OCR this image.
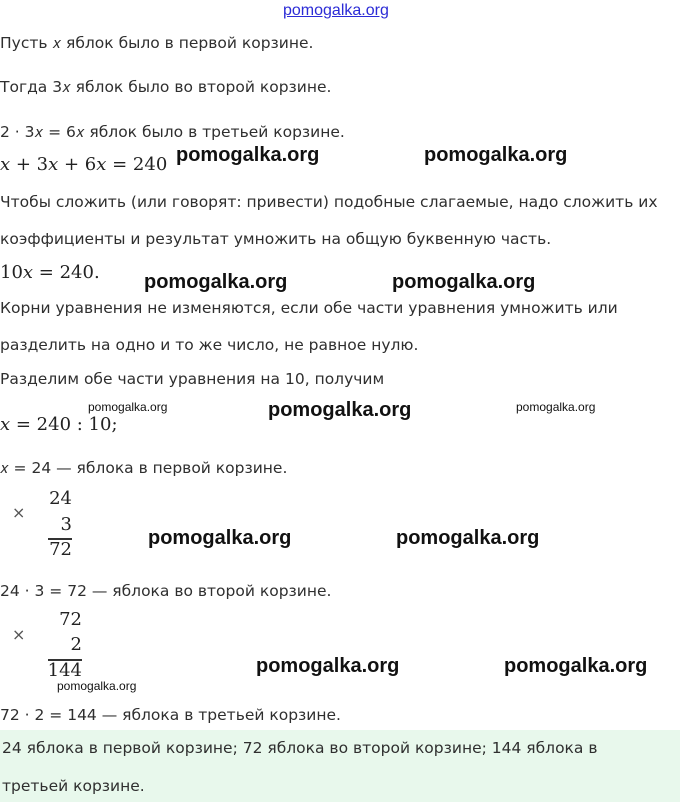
pomogalka.org
Пусть 𝑥 яблок было в первой корзине.
Тогда 3𝑥 яблок было во второй корзине.
2 · 3𝑥 = 6𝑥 яблок было в третьей корзине.
𝑥 + 3𝑥 + 6𝑥 = 240
Чтобы сложить (или говорят: привести) подобные слагаемые, надо сложить их
коэффициенты и результат умножить на общую буквенную часть.
10𝑥 = 240.
Корни уравнения не изменяются, если обе части уравнения умножить или
разделить на одно и то же число, не равное нулю.
Разделим обе части уравнения на 10, получим
𝑥 = 240 : 10;
𝑥 = 24 — яблока в первой корзине.
×
24
3
72
24 · 3 = 72 — яблока во второй корзине.
×
72
2
144
72 · 2 = 144 — яблока в третьей корзине.
24 яблока в первой корзине; 72 яблока во второй корзине; 144 яблока в
третьей корзине.
pomogalka.org	pomogalka.org
pomogalka.org	pomogalka.org
pomogalka.org	pomogalka.org	pomogalka.org
pomogalka.org	pomogalka.org
pomogalka.org	pomogalka.org
pomogalka.org
